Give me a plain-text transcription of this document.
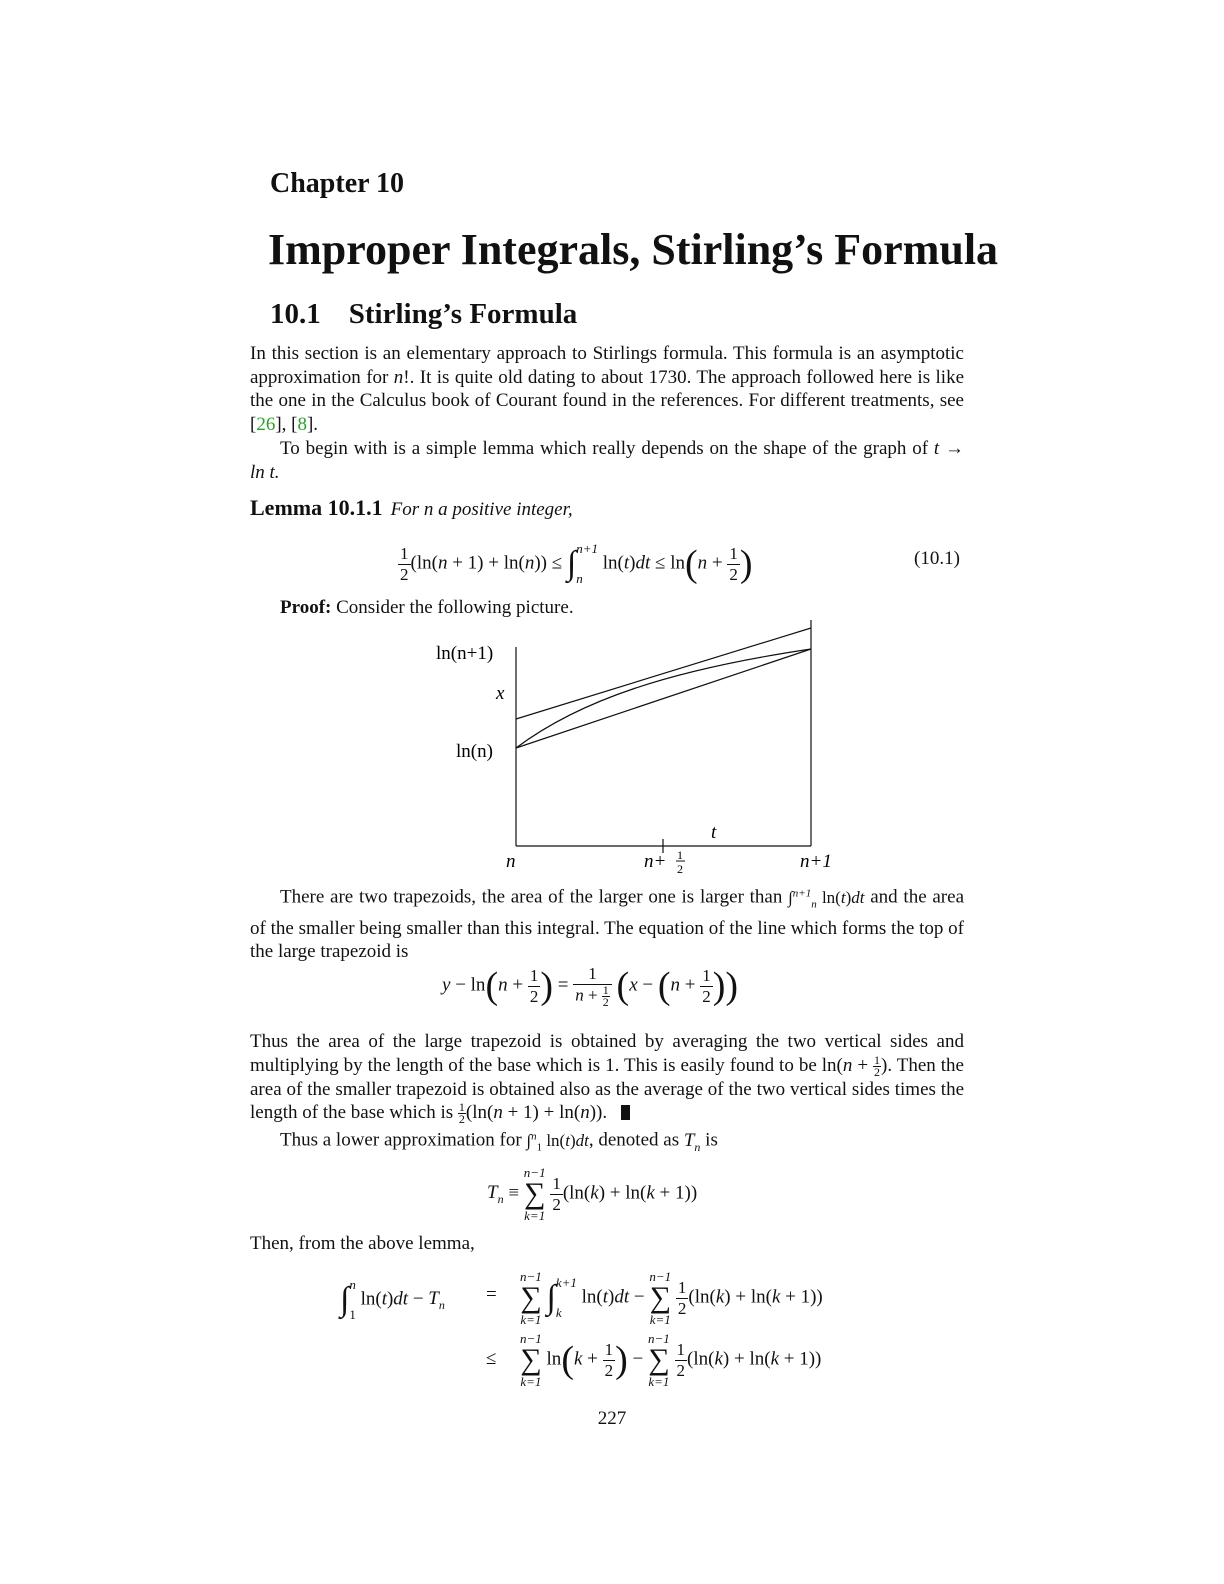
Chapter 10
Improper Integrals, Stirling’s Formula
10.1 Stirling’s Formula
In this section is an elementary approach to Stirlings formula. This formula is an asymptotic approximation for n!. It is quite old dating to about 1730. The approach followed here is like the one in the Calculus book of Courant found in the references. For different treatments, see [26], [8].
To begin with is a simple lemma which really depends on the shape of the graph of t → ln t.
Lemma 10.1.1 For n a positive integer,
$\frac{1}{2} (\ln(n + 1) + \ln(n))$ ≤ ∫ n+1
n
$\ln(t)dt \le \ln(n + \frac{1}{2}$ )	(10.1)
Proof: Consider the following picture.
ln(n+1)
x
ln(n)
t
n	n+ 1
2	n+1
There are two trapezoids, the area of the larger one is larger than ∫$^{n+1}_n$ ln(t)dt and the area of the smaller being smaller than this integral. The equation of the line which forms the top of the large trapezoid is
$y - \ln(n + \frac{1}{2}$ ) = $\frac{1}{n + \frac{1}{2}} (x - (n + \frac{1}{2}$ ))
Thus the area of the large trapezoid is obtained by averaging the two vertical sides and multiplying by the length of the base which is 1. This is easily found to be $\ln(n + \frac{1}{2}$ ). Then the area of the smaller trapezoid is obtained also as the average of the two vertical sides times the length of the base which is $\frac{1}{2} (\ln(n + 1) + \ln(n))$.
Thus a lower approximation for ∫$^n_1$ ln(t)dt, denoted as $T_n$ is
$T_n$ ≡
n−1
∑
k=1

$\frac{1}{2} (\ln(k) + \ln(k + 1))$
Then, from the above lemma,
∫ n
1
$\ln(t)dt - T_n$
=
n−1
∑
k=1
∫ k+1
k
ln(t)dt −
n−1
∑
k=1

$\frac{1}{2} (\ln(k) + \ln(k + 1))$
≤
n−1
∑
k=1
$\ln(k + \frac{1}{2}$ ) −
n−1
∑
k=1

$\frac{1}{2} (\ln(k) + \ln(k + 1))$
227
